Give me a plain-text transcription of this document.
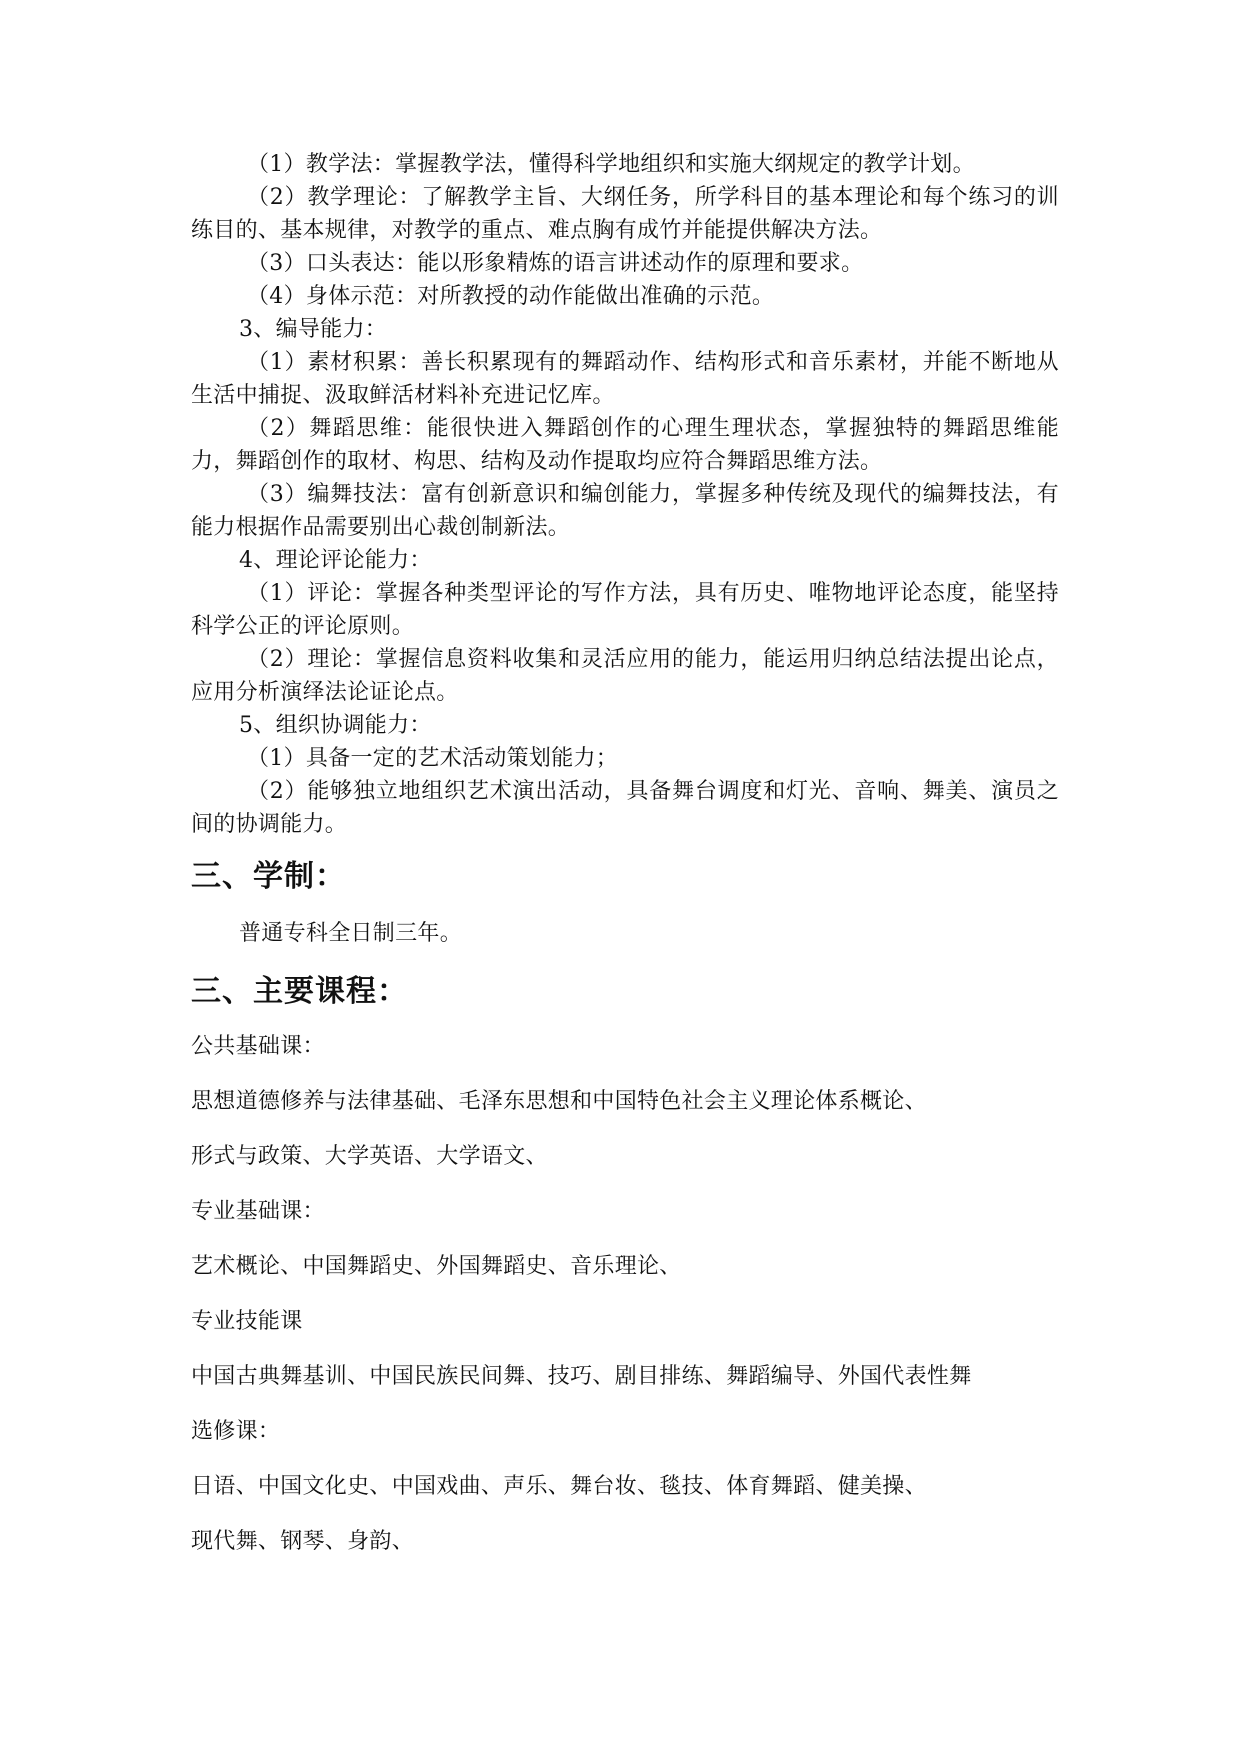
（1）教学法：掌握教学法，懂得科学地组织和实施大纲规定的教学计划。

（2）教学理论：了解教学主旨、大纲任务，所学科目的基本理论和每个练习的训练目的、基本规律，对教学的重点、难点胸有成竹并能提供解决方法。

（3）口头表达：能以形象精炼的语言讲述动作的原理和要求。

（4）身体示范：对所教授的动作能做出准确的示范。

3、编导能力：

（1）素材积累：善长积累现有的舞蹈动作、结构形式和音乐素材，并能不断地从生活中捕捉、汲取鲜活材料补充进记忆库。

（2）舞蹈思维：能很快进入舞蹈创作的心理生理状态，掌握独特的舞蹈思维能力，舞蹈创作的取材、构思、结构及动作提取均应符合舞蹈思维方法。

（3）编舞技法：富有创新意识和编创能力，掌握多种传统及现代的编舞技法，有能力根据作品需要别出心裁创制新法。

4、理论评论能力：

（1）评论：掌握各种类型评论的写作方法，具有历史、唯物地评论态度，能坚持科学公正的评论原则。

（2）理论：掌握信息资料收集和灵活应用的能力，能运用归纳总结法提出论点，应用分析演绎法论证论点。

5、组织协调能力：

（1）具备一定的艺术活动策划能力；

（2）能够独立地组织艺术演出活动，具备舞台调度和灯光、音响、舞美、演员之间的协调能力。

三、学制：

普通专科全日制三年。

三、主要课程：

公共基础课：

思想道德修养与法律基础、毛泽东思想和中国特色社会主义理论体系概论、

形式与政策、大学英语、大学语文、

专业基础课：

艺术概论、中国舞蹈史、外国舞蹈史、音乐理论、

专业技能课

中国古典舞基训、中国民族民间舞、技巧、剧目排练、舞蹈编导、外国代表性舞

选修课：

日语、中国文化史、中国戏曲、声乐、舞台妆、毯技、体育舞蹈、健美操、

现代舞、钢琴、身韵、
